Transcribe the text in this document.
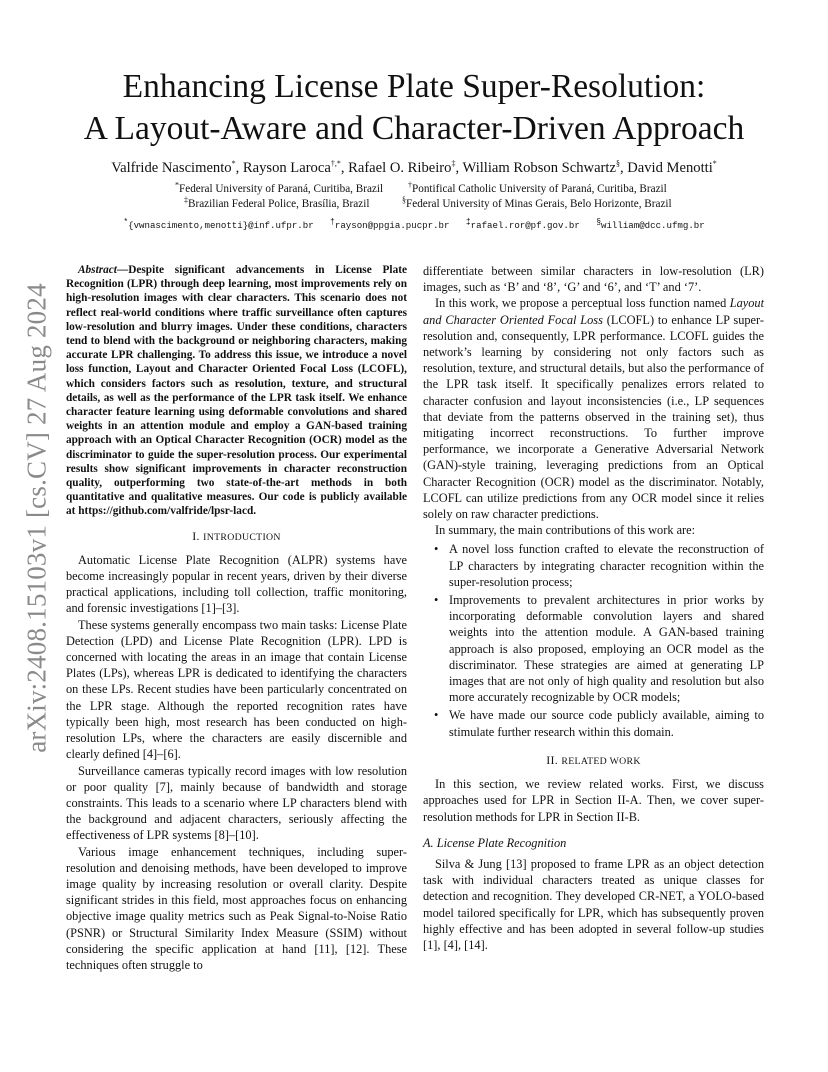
arXiv:2408.15103v1 [cs.CV] 27 Aug 2024
Enhancing License Plate Super-Resolution:
A Layout-Aware and Character-Driven Approach
Valfride Nascimento*, Rayson Laroca†,*, Rafael O. Ribeiro‡, William Robson Schwartz§, David Menotti*
*Federal University of Paraná, Curitiba, Brazil	†Pontifical Catholic University of Paraná, Curitiba, Brazil
‡Brazilian Federal Police, Brasília, Brazil	§Federal University of Minas Gerais, Belo Horizonte, Brazil
*{vwnascimento,menotti}@inf.ufpr.br †rayson@ppgia.pucpr.br ‡rafael.ror@pf.gov.br §william@dcc.ufmg.br

Abstract—Despite significant advancements in License Plate Recognition (LPR) through deep learning, most improvements rely on high-resolution images with clear characters. This scenario does not reflect real-world conditions where traffic surveillance often captures low-resolution and blurry images. Under these conditions, characters tend to blend with the background or neighboring characters, making accurate LPR challenging. To address this issue, we introduce a novel loss function, Layout and Character Oriented Focal Loss (LCOFL), which considers factors such as resolution, texture, and structural details, as well as the performance of the LPR task itself. We enhance character feature learning using deformable convolutions and shared weights in an attention module and employ a GAN-based training approach with an Optical Character Recognition (OCR) model as the discriminator to guide the super-resolution process. Our experimental results show significant improvements in character reconstruction quality, outperforming two state-of-the-art methods in both quantitative and qualitative measures. Our code is publicly available at https://github.com/valfride/lpsr-lacd.

I. INTRODUCTION

Automatic License Plate Recognition (ALPR) systems have become increasingly popular in recent years, driven by their diverse practical applications, including toll collection, traffic monitoring, and forensic investigations [1]–[3].

These systems generally encompass two main tasks: License Plate Detection (LPD) and License Plate Recognition (LPR). LPD is concerned with locating the areas in an image that contain License Plates (LPs), whereas LPR is dedicated to identifying the characters on these LPs. Recent studies have been particularly concentrated on the LPR stage. Although the reported recognition rates have typically been high, most research has been conducted on high-resolution LPs, where the characters are easily discernible and clearly defined [4]–[6].

Surveillance cameras typically record images with low resolution or poor quality [7], mainly because of bandwidth and storage constraints. This leads to a scenario where LP characters blend with the background and adjacent characters, seriously affecting the effectiveness of LPR systems [8]–[10].

Various image enhancement techniques, including super-resolution and denoising methods, have been developed to improve image quality by increasing resolution or overall clarity. Despite significant strides in this field, most approaches focus on enhancing objective image quality metrics such as Peak Signal-to-Noise Ratio (PSNR) or Structural Similarity Index Measure (SSIM) without considering the specific application at hand [11], [12]. These techniques often struggle to

differentiate between similar characters in low-resolution (LR) images, such as ‘B’ and ‘8’, ‘G’ and ‘6’, and ‘T’ and ‘7’.

In this work, we propose a perceptual loss function named Layout and Character Oriented Focal Loss (LCOFL) to enhance LP super-resolution and, consequently, LPR performance. LCOFL guides the network’s learning by considering not only factors such as resolution, texture, and structural details, but also the performance of the LPR task itself. It specifically penalizes errors related to character confusion and layout inconsistencies (i.e., LP sequences that deviate from the patterns observed in the training set), thus mitigating incorrect reconstructions. To further improve performance, we incorporate a Generative Adversarial Network (GAN)-style training, leveraging predictions from an Optical Character Recognition (OCR) model as the discriminator. Notably, LCOFL can utilize predictions from any OCR model since it relies solely on raw character predictions.

In summary, the main contributions of this work are:

• A novel loss function crafted to elevate the reconstruction of LP characters by integrating character recognition within the super-resolution process;
• Improvements to prevalent architectures in prior works by incorporating deformable convolution layers and shared weights into the attention module. A GAN-based training approach is also proposed, employing an OCR model as the discriminator. These strategies are aimed at generating LP images that are not only of high quality and resolution but also more accurately recognizable by OCR models;
• We have made our source code publicly available, aiming to stimulate further research within this domain.
II. RELATED WORK

In this section, we review related works. First, we discuss approaches used for LPR in Section II-A. Then, we cover super-resolution methods for LPR in Section II-B.

A. License Plate Recognition

Silva & Jung [13] proposed to frame LPR as an object detection task with individual characters treated as unique classes for detection and recognition. They developed CR-NET, a YOLO-based model tailored specifically for LPR, which has subsequently proven highly effective and has been adopted in several follow-up studies [1], [4], [14].
